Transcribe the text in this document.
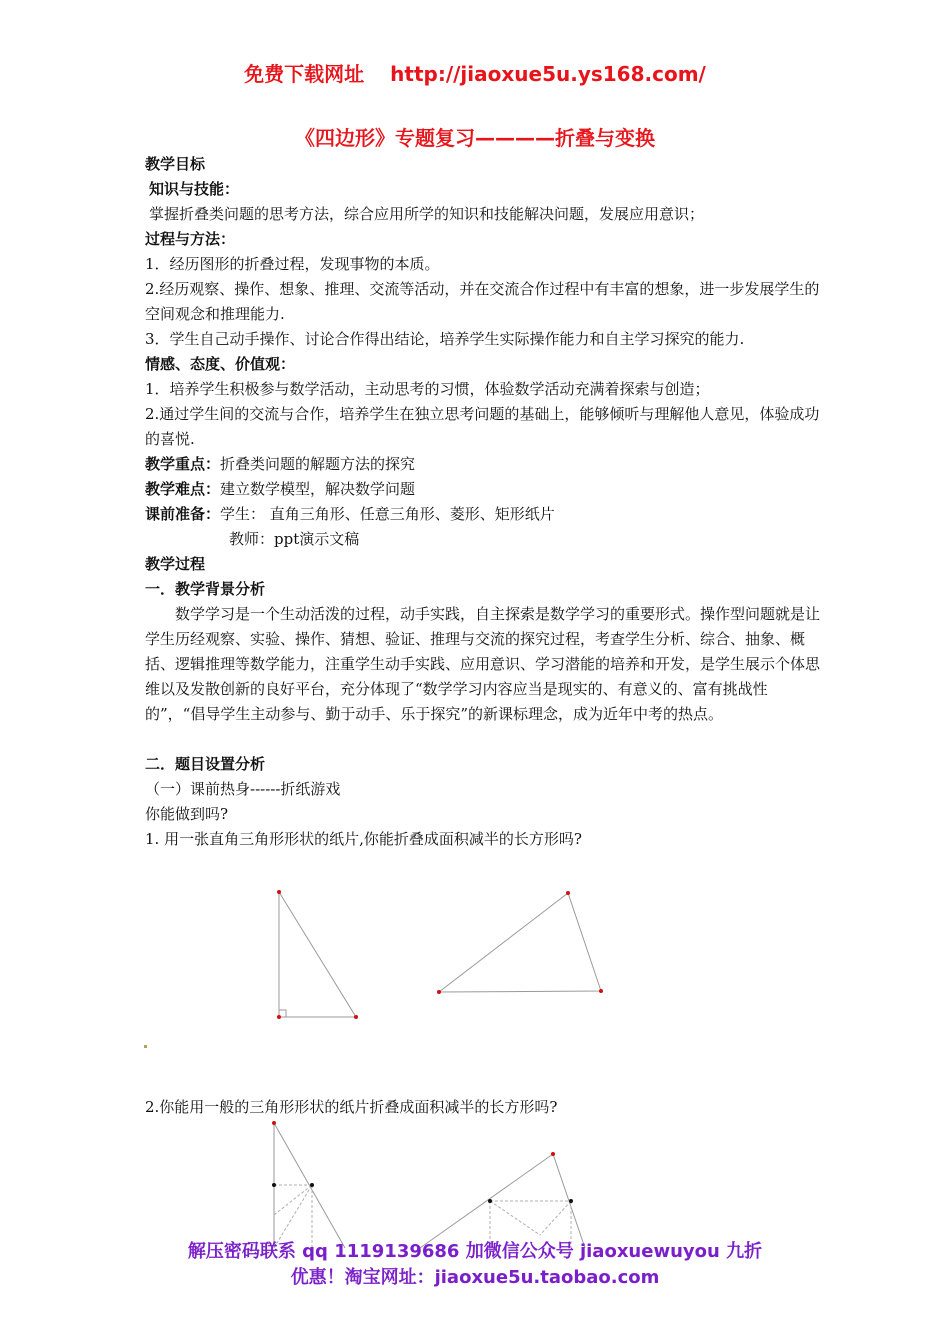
免费下载网址 http://jiaoxue5u.ys168.com/
《四边形》专题复习————折叠与变换

教学目标

知识与技能：

掌握折叠类问题的思考方法，综合应用所学的知识和技能解决问题，发展应用意识；

过程与方法：

1．经历图形的折叠过程，发现事物的本质。

2.经历观察、操作、想象、推理、交流等活动，并在交流合作过程中有丰富的想象，进一步发展学生的空间观念和推理能力.

3．学生自己动手操作、讨论合作得出结论，培养学生实际操作能力和自主学习探究的能力.

情感、态度、价值观：

1．培养学生积极参与数学活动，主动思考的习惯，体验数学活动充满着探索与创造；

2.通过学生间的交流与合作，培养学生在独立思考问题的基础上，能够倾听与理解他人意见，体验成功的喜悦.

教学重点：折叠类问题的解题方法的探究

教学难点：建立数学模型，解决数学问题

课前准备：学生： 直角三角形、任意三角形、菱形、矩形纸片

教师：ppt演示文稿

教学过程

一．教学背景分析

数学学习是一个生动活泼的过程，动手实践，自主探索是数学学习的重要形式。操作型问题就是让学生历经观察、实验、操作、猜想、验证、推理与交流的探究过程，考查学生分析、综合、抽象、概括、逻辑推理等数学能力，注重学生动手实践、应用意识、学习潜能的培养和开发，是学生展示个体思维以及发散创新的良好平台，充分体现了“数学学习内容应当是现实的、有意义的、富有挑战性的”，“倡导学生主动参与、勤于动手、乐于探究”的新课标理念，成为近年中考的热点。

二．题目设置分析

（一）课前热身------折纸游戏

你能做到吗?

1. 用一张直角三角形形状的纸片,你能折叠成面积减半的长方形吗?

2.你能用一般的三角形形状的纸片折叠成面积减半的长方形吗?

解压密码联系 qq 1119139686 加微信公众号 jiaoxuewuyou 九折
优惠！淘宝网址：jiaoxue5u.taobao.com
